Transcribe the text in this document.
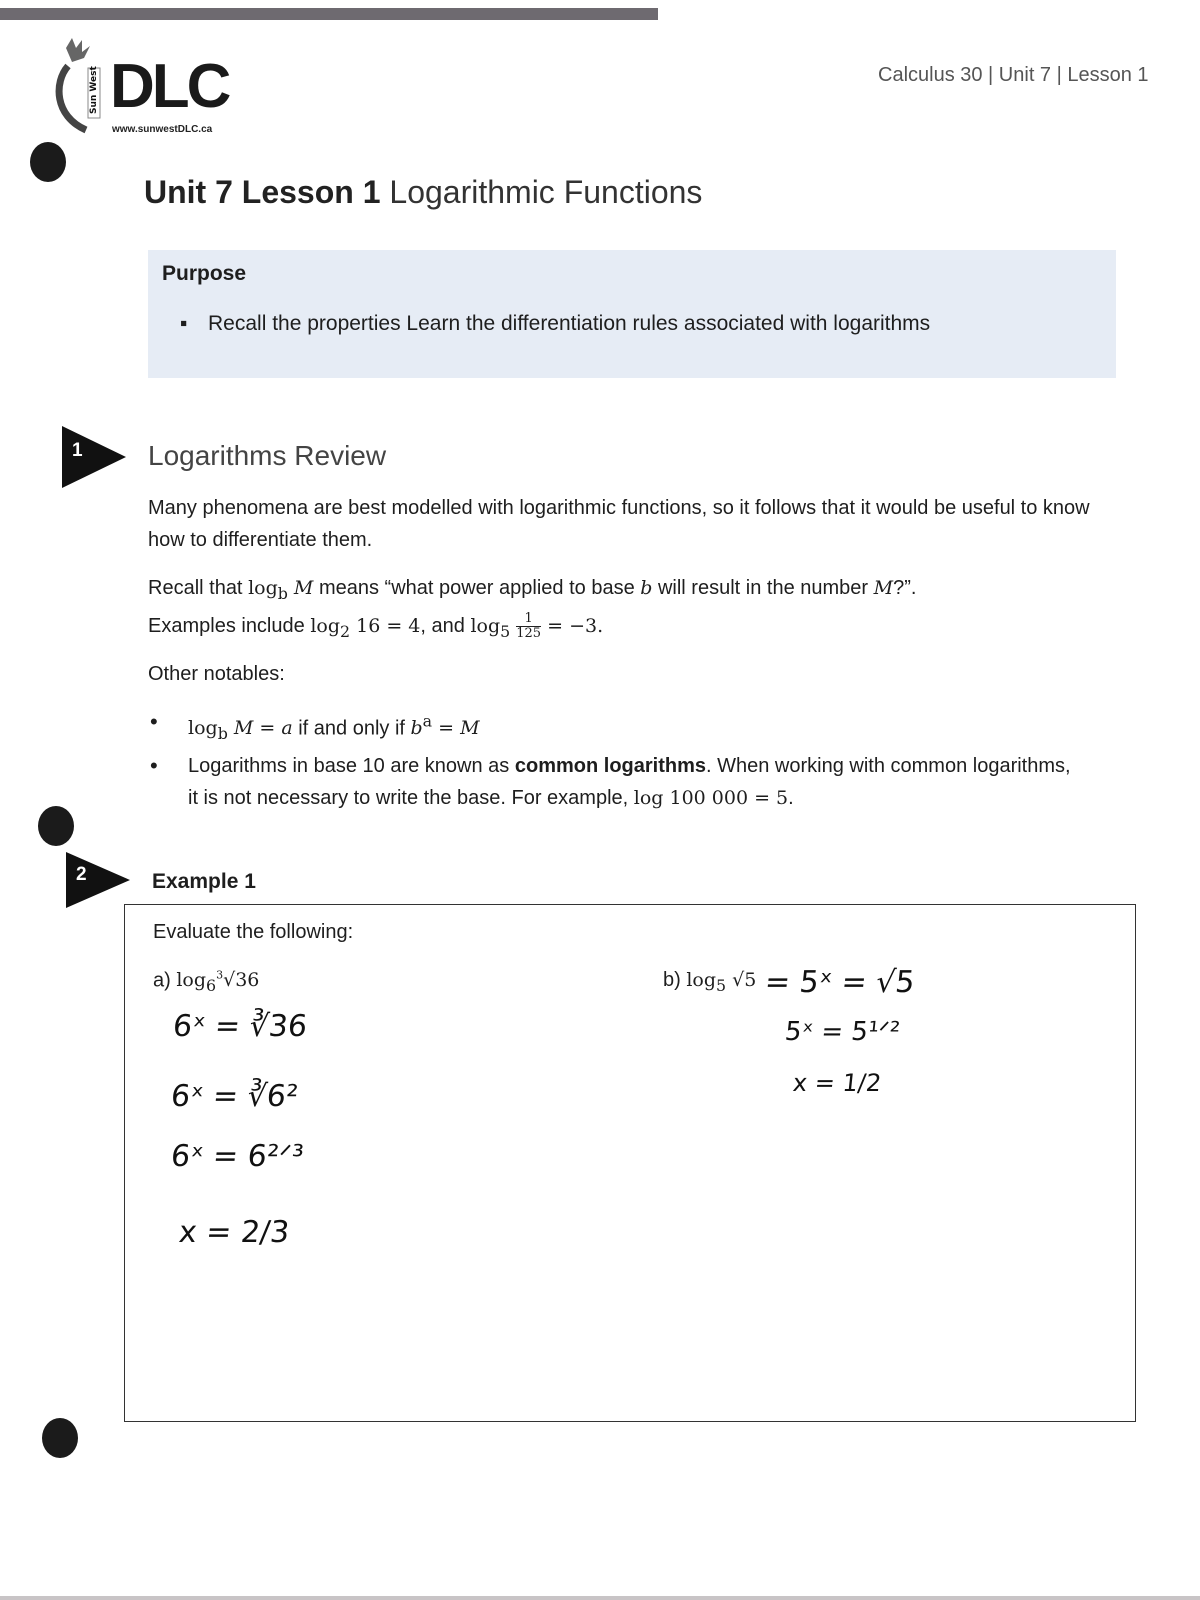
Sun West DLC
www.sunwestDLC.ca
Calculus 30 | Unit 7 | Lesson 1
Unit 7 Lesson 1 Logarithmic Functions
Purpose
▪ Recall the properties Learn the differentiation rules associated with logarithms
1 Logarithms Review
Many phenomena are best modelled with logarithmic functions, so it follows that it would be useful to know how to differentiate them.
Recall that $\log_b M$ means “what power applied to base b will result in the number M?”.
Examples include $\log_2 16 = 4$, and $\log_5 \frac{1}{125} = -3$.
Other notables:
• $\log_b M = a$ if and only if $b^a = M$
• Logarithms in base 10 are known as common logarithms. When working with common logarithms, it is not necessary to write the base. For example, log 100 000 = 5.
2	Example 1
Evaluate the following:
a) $\log_6^3√36$	b) $\log_5 √5$
6ˣ = ∛36
6ˣ = ∛6²
6ˣ = 6²ᐟ³
x = 2/3
= 5ˣ = √5
5ˣ = 5¹ᐟ²
x = 1/2
